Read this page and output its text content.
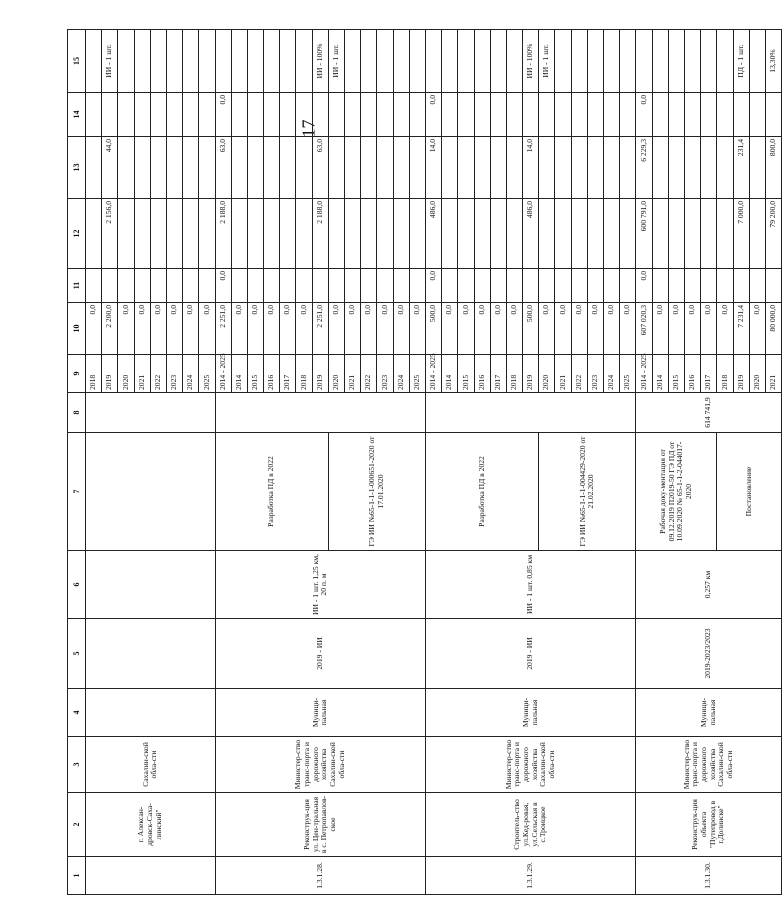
17
1	2	3	4	5	6	7	8	9	10	11	12	13	14	15
	г. Алексан-дровск-Саха-линский"	Сахалин-ской обла-сти						2018	0,0					
								2019	2 200,0		2 156,0	44,0		ИИ - 1 шт.
								2020	0,0					
								2021	0,0					
								2022	0,0					
								2023	0,0					
								2024	0,0					
								2025	0,0					
1.3.1.28.	Реконструк-ция ул. Цен-тральная в с. Петропавлов-ское	Министер-ство транс-порта и дорожного хозяйства Сахалин-ской обла-сти	Муници-пальная	2019 - ИИ	ИИ - 1 шт. 1,25 км, 20 п. м	Разработка ПД в 2022		2014 - 2025	2 251,0	0,0	2 188,0	63,0	0,0	
								2014	0,0					
								2015	0,0					
								2016	0,0					
								2017	0,0					
								2018	0,0					
								2019	2 251,0		2 188,0	63,0		ИИ - 100%
						ГЭ ИИ №65-1-1-1-000651-2020 от 17.01.2020		2020	0,0					ИИ - 1 шт.
								2021	0,0					
								2022	0,0					
								2023	0,0					
								2024	0,0					
								2025	0,0					
1.3.1.29.	Строитель-ство ул.Кед-ровая, ул.Сельская в с.Троицкое	Министер-ство транс-порта и дорожного хозяйства Сахалин-ской обла-сти	Муници-пальная	2019 - ИИ	ИИ - 1 шт. 0,85 км	Разработка ПД в 2022		2014 - 2025	500,0	0,0	486,0	14,0	0,0	
								2014	0,0					
								2015	0,0					
								2016	0,0					
								2017	0,0					
								2018	0,0					
								2019	500,0		486,0	14,0		ИИ - 100%
						ГЭ ИИ №65-1-1-1-004429-2020 от 21.02.2020		2020	0,0					ИИ - 1 шт.
								2021	0,0					
								2022	0,0					
								2023	0,0					
								2024	0,0					
								2025	0,0					
1.3.1.30.	Реконструк-ция объекта "Путепровод в г.Долинске"	Министер-ство транс-порта и дорожного хозяйства Сахалин-ской обла-сти	Муници-пальная	2019-2023/2023	0,257 км	Рабочая доку-ментация от 09.12.2019 П2019-50 ГЭ ПД от 10.09.2020 № 65-1-1-2-044017-2020	614 741,9	2014 - 2025	607 020,3	0,0	600 791,0	6 229,3	0,0	
								2014	0,0					
								2015	0,0					
								2016	0,0					
								2017	0,0					
						Постановление		2018	0,0					
								2019	7 231,4		7 000,0	231,4		ПД - 1 шт.
								2020	0,0					
								2021	80 000,0		79 200,0	800,0		13,30%
